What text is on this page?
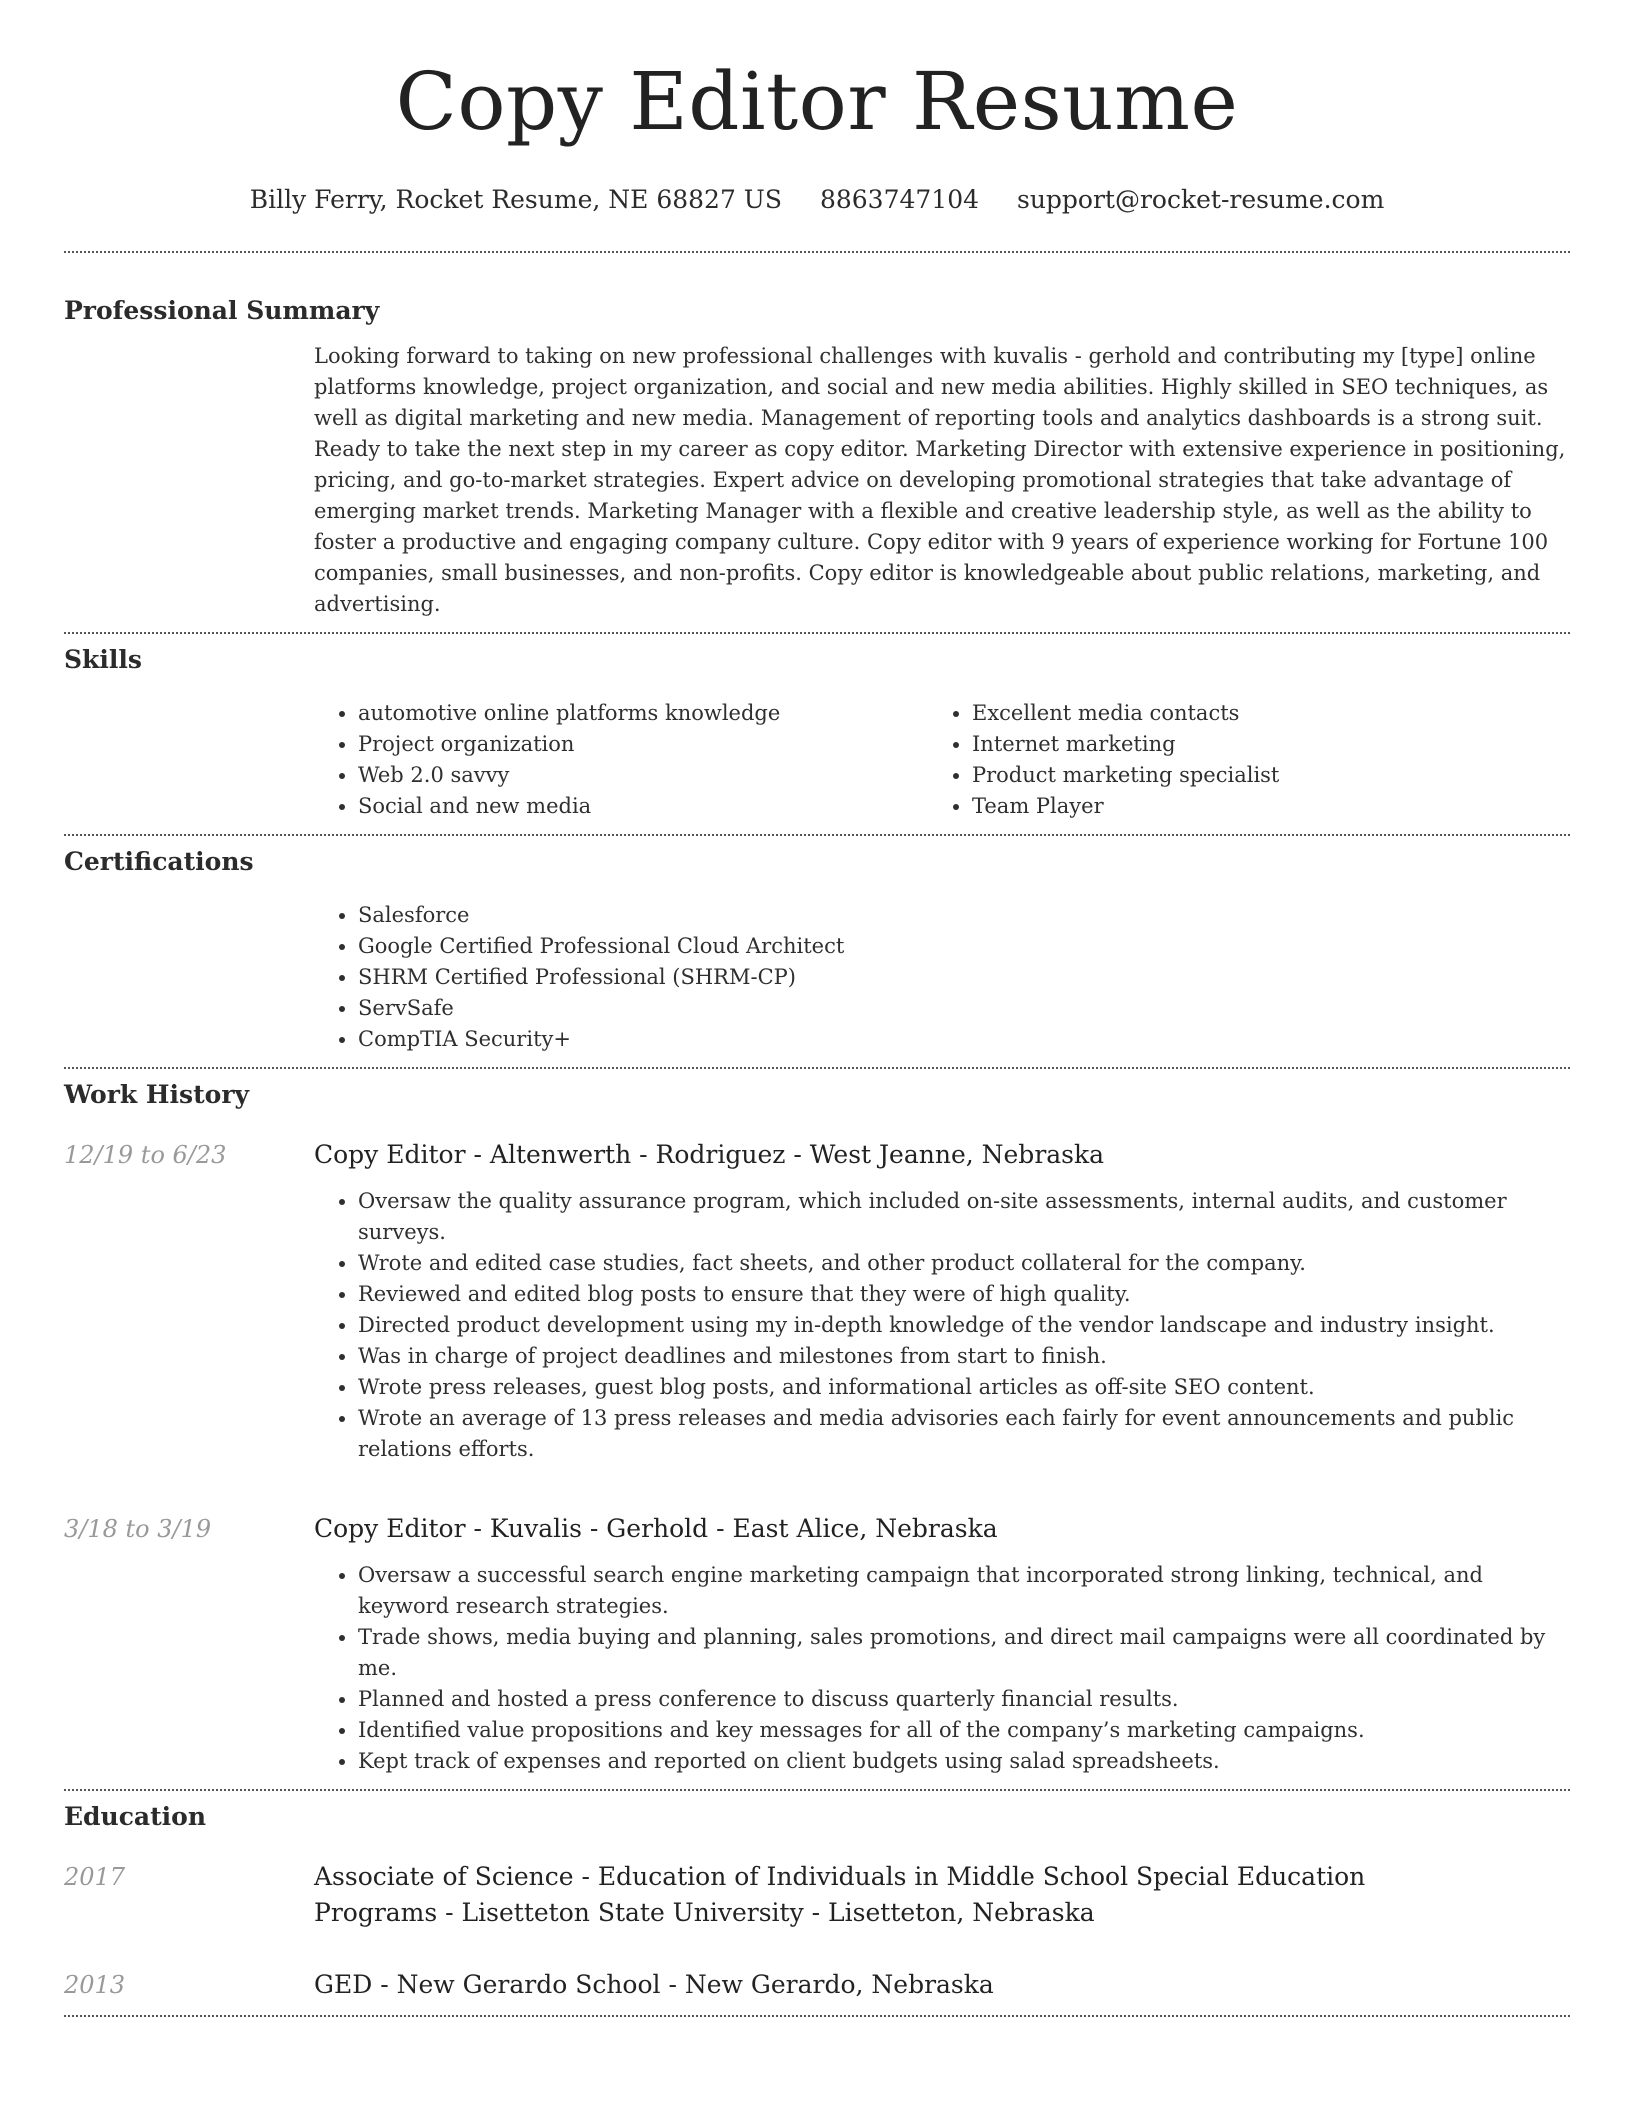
Copy Editor Resume
Billy Ferry, Rocket Resume, NE 68827 US 8863747104 support@rocket-resume.com
Professional Summary
Looking forward to taking on new professional challenges with kuvalis - gerhold and contributing my [type] online platforms knowledge, project organization, and social and new media abilities. Highly skilled in SEO techniques, as well as digital marketing and new media. Management of reporting tools and analytics dashboards is a strong suit. Ready to take the next step in my career as copy editor. Marketing Director with extensive experience in positioning, pricing, and go-to-market strategies. Expert advice on developing promotional strategies that take advantage of emerging market trends. Marketing Manager with a flexible and creative leadership style, as well as the ability to foster a productive and engaging company culture. Copy editor with 9 years of experience working for Fortune 100 companies, small businesses, and non-profits. Copy editor is knowledgeable about public relations, marketing, and advertising.
Skills
• automotive online platforms knowledge
• Project organization
• Web 2.0 savvy
• Social and new media
• Excellent media contacts
• Internet marketing
• Product marketing specialist
• Team Player
Certifications
• Salesforce
• Google Certified Professional Cloud Architect
• SHRM Certified Professional (SHRM-CP)
• ServSafe
• CompTIA Security+
Work History
12/19 to 6/23	Copy Editor - Altenwerth - Rodriguez - West Jeanne, Nebraska
• Oversaw the quality assurance program, which included on-site assessments, internal audits, and customer surveys.
• Wrote and edited case studies, fact sheets, and other product collateral for the company.
• Reviewed and edited blog posts to ensure that they were of high quality.
• Directed product development using my in-depth knowledge of the vendor landscape and industry insight.
• Was in charge of project deadlines and milestones from start to finish.
• Wrote press releases, guest blog posts, and informational articles as off-site SEO content.
• Wrote an average of 13 press releases and media advisories each fairly for event announcements and public relations efforts.
3/18 to 3/19	Copy Editor - Kuvalis - Gerhold - East Alice, Nebraska
• Oversaw a successful search engine marketing campaign that incorporated strong linking, technical, and keyword research strategies.
• Trade shows, media buying and planning, sales promotions, and direct mail campaigns were all coordinated by me.
• Planned and hosted a press conference to discuss quarterly financial results.
• Identified value propositions and key messages for all of the company’s marketing campaigns.
• Kept track of expenses and reported on client budgets using salad spreadsheets.
Education
2017	Associate of Science - Education of Individuals in Middle School Special Education Programs - Lisetteton State University - Lisetteton, Nebraska
2013	GED - New Gerardo School - New Gerardo, Nebraska
